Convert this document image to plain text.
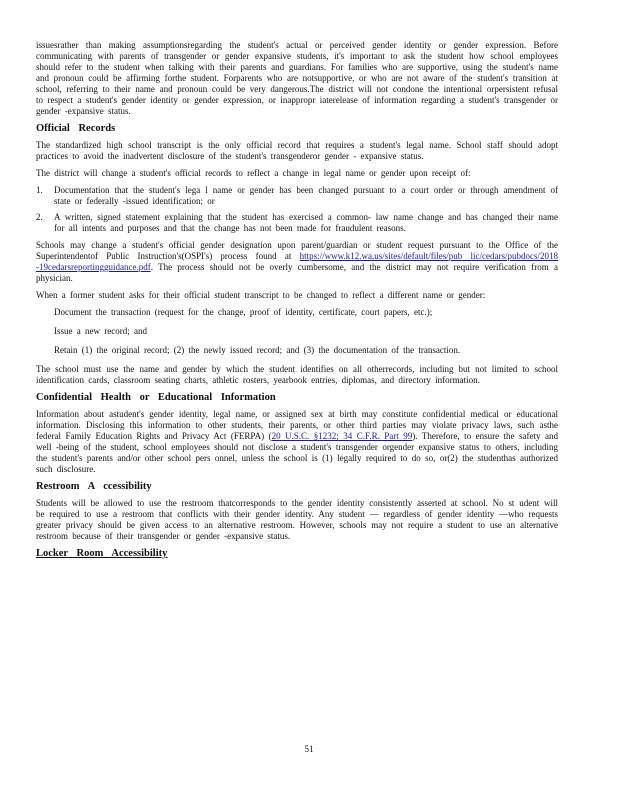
issuesrather than making assumptionsregarding the student's actual or perceived gender identity or gender expression. Before communicating with parents of transgender or gender expansive students, it's important to ask the student how school employees should refer to the student when talking with their parents and guardians. For families who are supportive, using the student's name and pronoun could be affirming forthe student. Forparents who are notsupportive, or who are not aware of the student's transition at school, referring to their name and pronoun could be very dangerous.The district will not condone the intentional orpersistent refusal to respect a student's gender identity or gender expression, or inappropr iaterelease of information regarding a student's transgender or gender -expansive status.

Official Records

The standardized high school transcript is the only official record that requires a student's legal name. School staff should adopt practices to avoid the inadvertent disclosure of the student's transgenderor gender - expansive status.

The district will change a student's official records to reflect a change in legal name or gender upon receipt of:

1. Documentation that the student's lega l name or gender has been changed pursuant to a court order or through amendment of state or federally -issued identification; or
2. A written, signed statement explaining that the student has exercised a common- law name change and has changed their name for all intents and purposes and that the change has not been made for fraudulent reasons.

Schools may change a student's official gender designation upon parent/guardian or student request pursuant to the Office of the Superintendentof Public Instruction's(OSPI's) process found at https://www.k12.wa.us/sites/default/files/pub lic/cedars/pubdocs/2018 -19cedarsreportingguidance.pdf. The process should not be overly cumbersome, and the district may not require verification from a physician.

When a former student asks for their official student transcript to be changed to reflect a different name or gender:

Document the transaction (request for the change, proof of identity, certificate, court papers, etc.);
Issue a new record; and
Retain (1) the original record; (2) the newly issued record; and (3) the documentation of the transaction.

The school must use the name and gender by which the student identifies on all otherrecords, including but not limited to school identification cards, classroom seating charts, athletic rosters, yearbook entries, diplomas, and directory information.

Confidential Health or Educational Information

Information about astudent's gender identity, legal name, or assigned sex at birth may constitute confidential medical or educational information. Disclosing this information to other students, their parents, or other third parties may violate privacy laws, such asthe federal Family Education Rights and Privacy Act (FERPA) (20 U.S.C. §1232; 34 C.F.R. Part 99). Therefore, to ensure the safety and well -being of the student, school employees should not disclose a student's transgender orgender expansive status to others, including the student's parents and/or other school pers onnel, unless the school is (1) legally required to do so, or(2) the studenthas authorized such disclosure.

Restroom A ccessibility

Students will be allowed to use the restroom thatcorresponds to the gender identity consistently asserted at school. No st udent will be required to use a restroom that conflicts with their gender identity. Any student — regardless of gender identity —who requests greater privacy should be given access to an alternative restroom. However, schools may not require a student to use an alternative restroom because of their transgender or gender -expansive status.

Locker Room Accessibility
51
